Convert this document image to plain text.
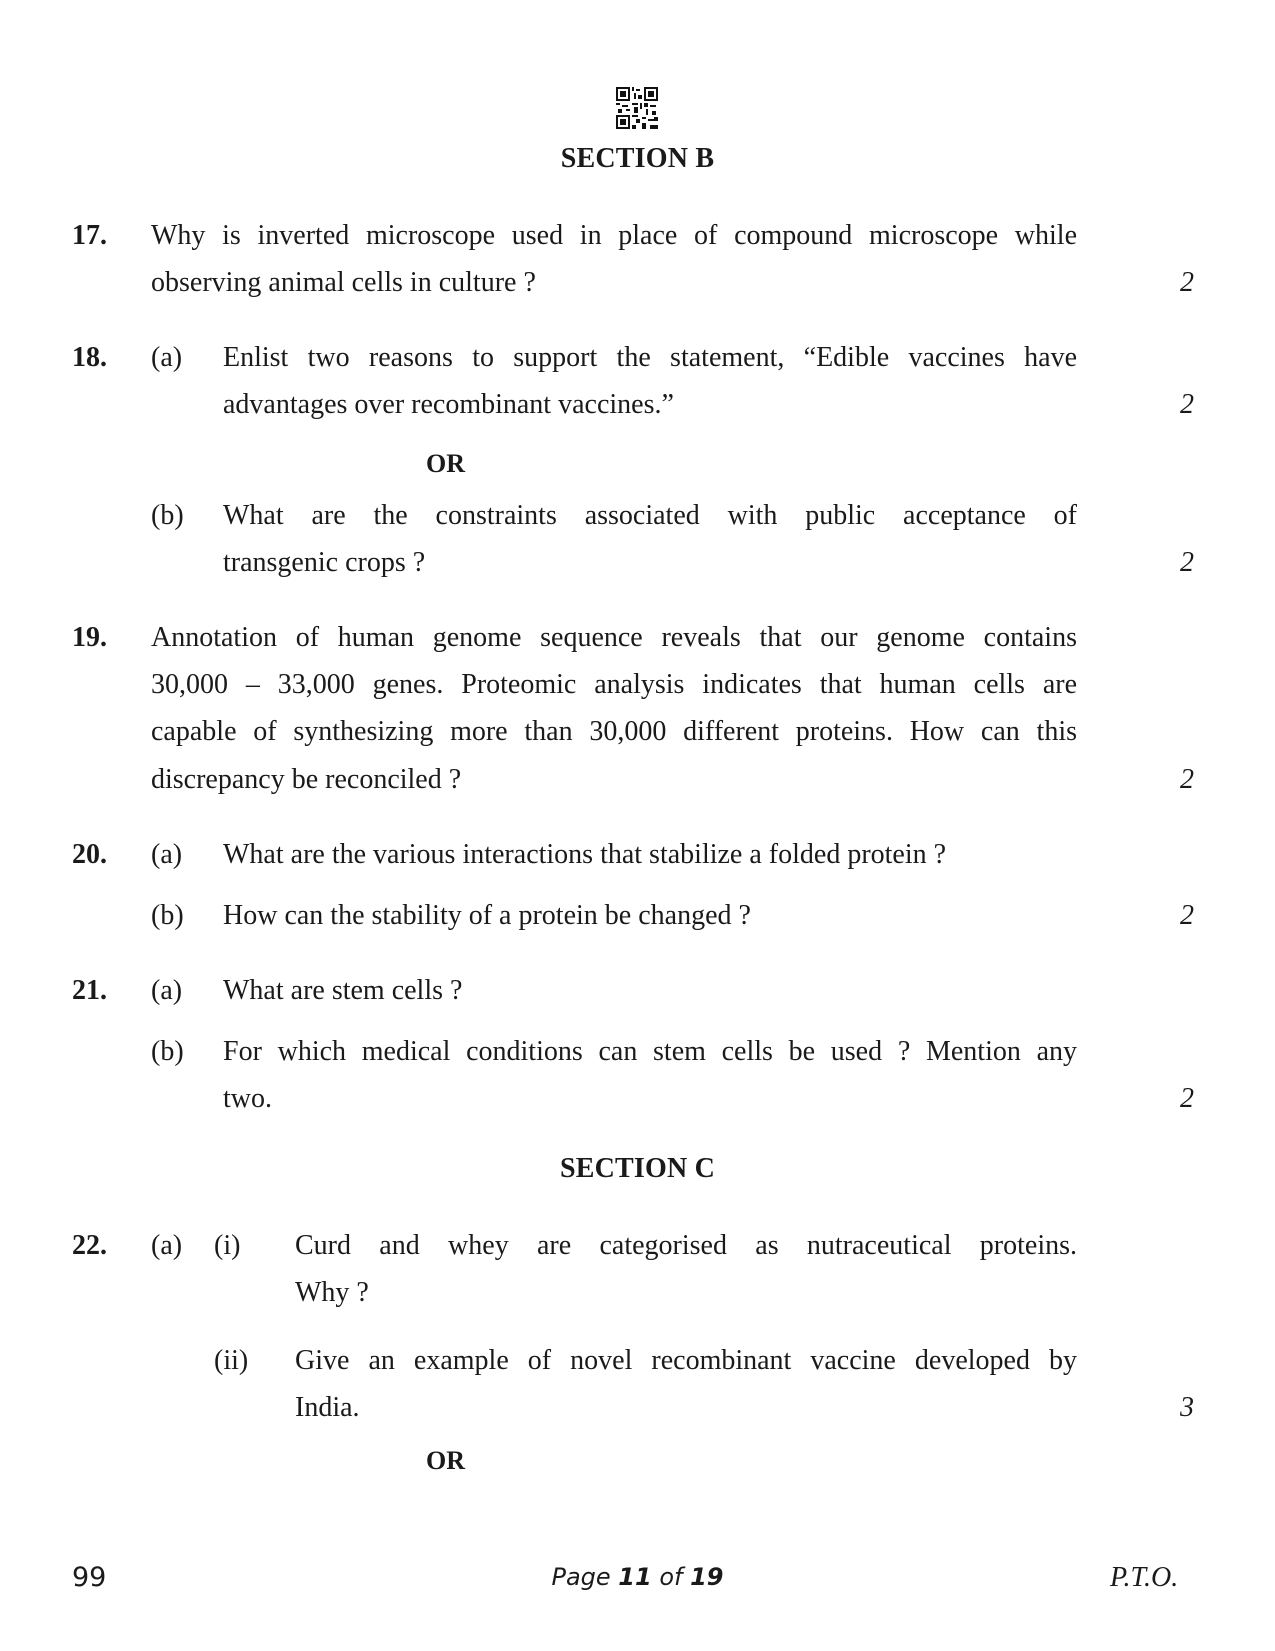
SECTION B
17. Why is inverted microscope used in place of compound microscope while
observing animal cells in culture ?	2
18. (a) Enlist two reasons to support the statement, “Edible vaccines have
advantages over recombinant vaccines.”	2
OR
(b) What are the constraints associated with public acceptance of
transgenic crops ?	2
19. Annotation of human genome sequence reveals that our genome contains
30,000 – 33,000 genes. Proteomic analysis indicates that human cells are
capable of synthesizing more than 30,000 different proteins. How can this
discrepancy be reconciled ?	2
20. (a) What are the various interactions that stabilize a folded protein ?
(b) How can the stability of a protein be changed ?	2
21. (a) What are stem cells ?
(b) For which medical conditions can stem cells be used ? Mention any
two.	2
SECTION C
22. (a) (i) Curd and whey are categorised as nutraceutical proteins.
Why ?
(ii) Give an example of novel recombinant vaccine developed by
India.	3
OR
99	Page 11 of 19	P.T.O.
